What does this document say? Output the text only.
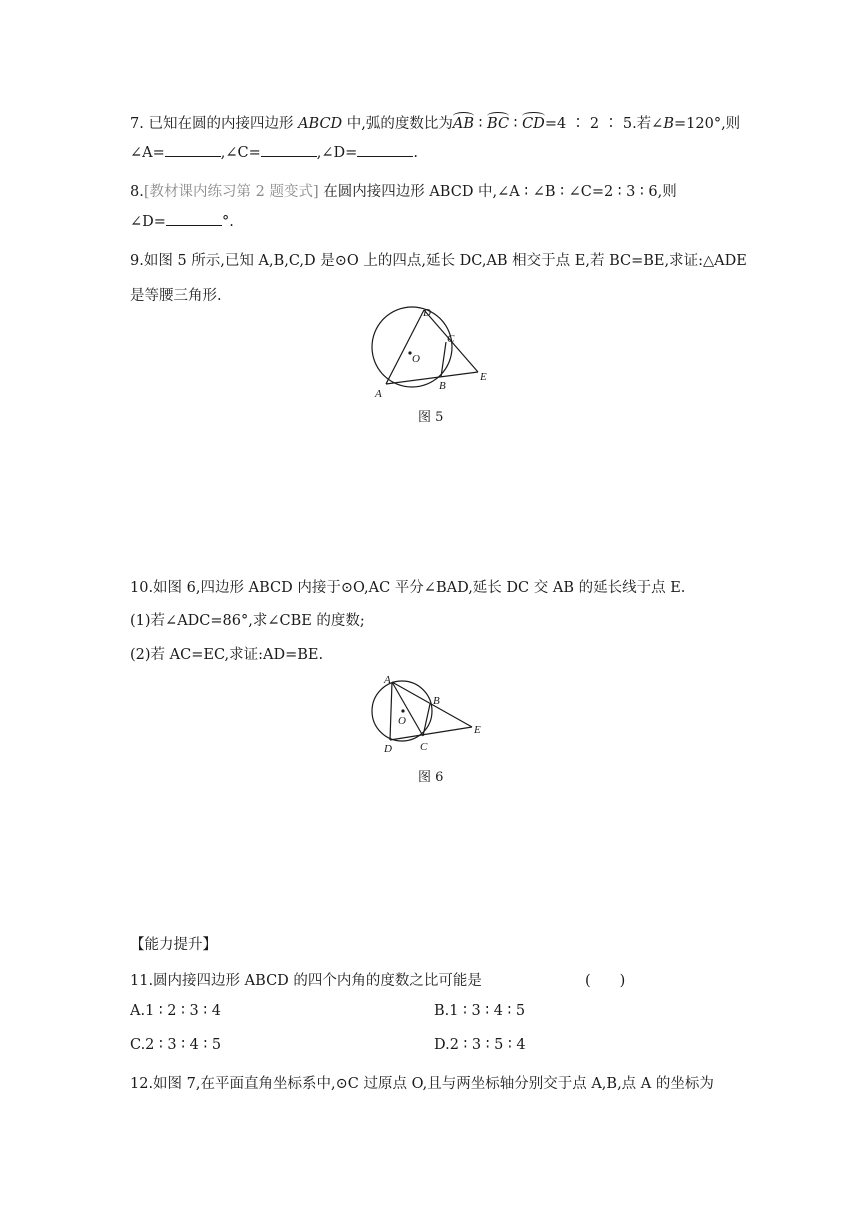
7. 已知在圆的内接四边形 ABCD 中,弧的度数比为AB ∶ BC ∶ CD=4 ∶ 2 ∶ 5.若∠B=120°,则
∠A=	,∠C=	,∠D=	.
8.[教材课内练习第 2 题变式] 在圆内接四边形 ABCD 中,∠A ∶ ∠B ∶ ∠C=2 ∶ 3 ∶ 6,则
∠D=	°.
9.如图 5 所示,已知 A,B,C,D 是⊙O 上的四点,延长 DC,AB 相交于点 E,若 BC=BE,求证:△ADE
是等腰三角形.
D
C
O
B
E
A
图 5
10.如图 6,四边形 ABCD 内接于⊙O,AC 平分∠BAD,延长 DC 交 AB 的延长线于点 E.
(1)若∠ADC=86°,求∠CBE 的度数;
(2)若 AC=EC,求证:AD=BE.
A
B
O
E
C
D
图 6
【能力提升】
11.圆内接四边形 ABCD 的四个内角的度数之比可能是	(　　)
A.1 ∶ 2 ∶ 3 ∶ 4	B.1 ∶ 3 ∶ 4 ∶ 5
C.2 ∶ 3 ∶ 4 ∶ 5	D.2 ∶ 3 ∶ 5 ∶ 4
12.如图 7,在平面直角坐标系中,⊙C 过原点 O,且与两坐标轴分别交于点 A,B,点 A 的坐标为
